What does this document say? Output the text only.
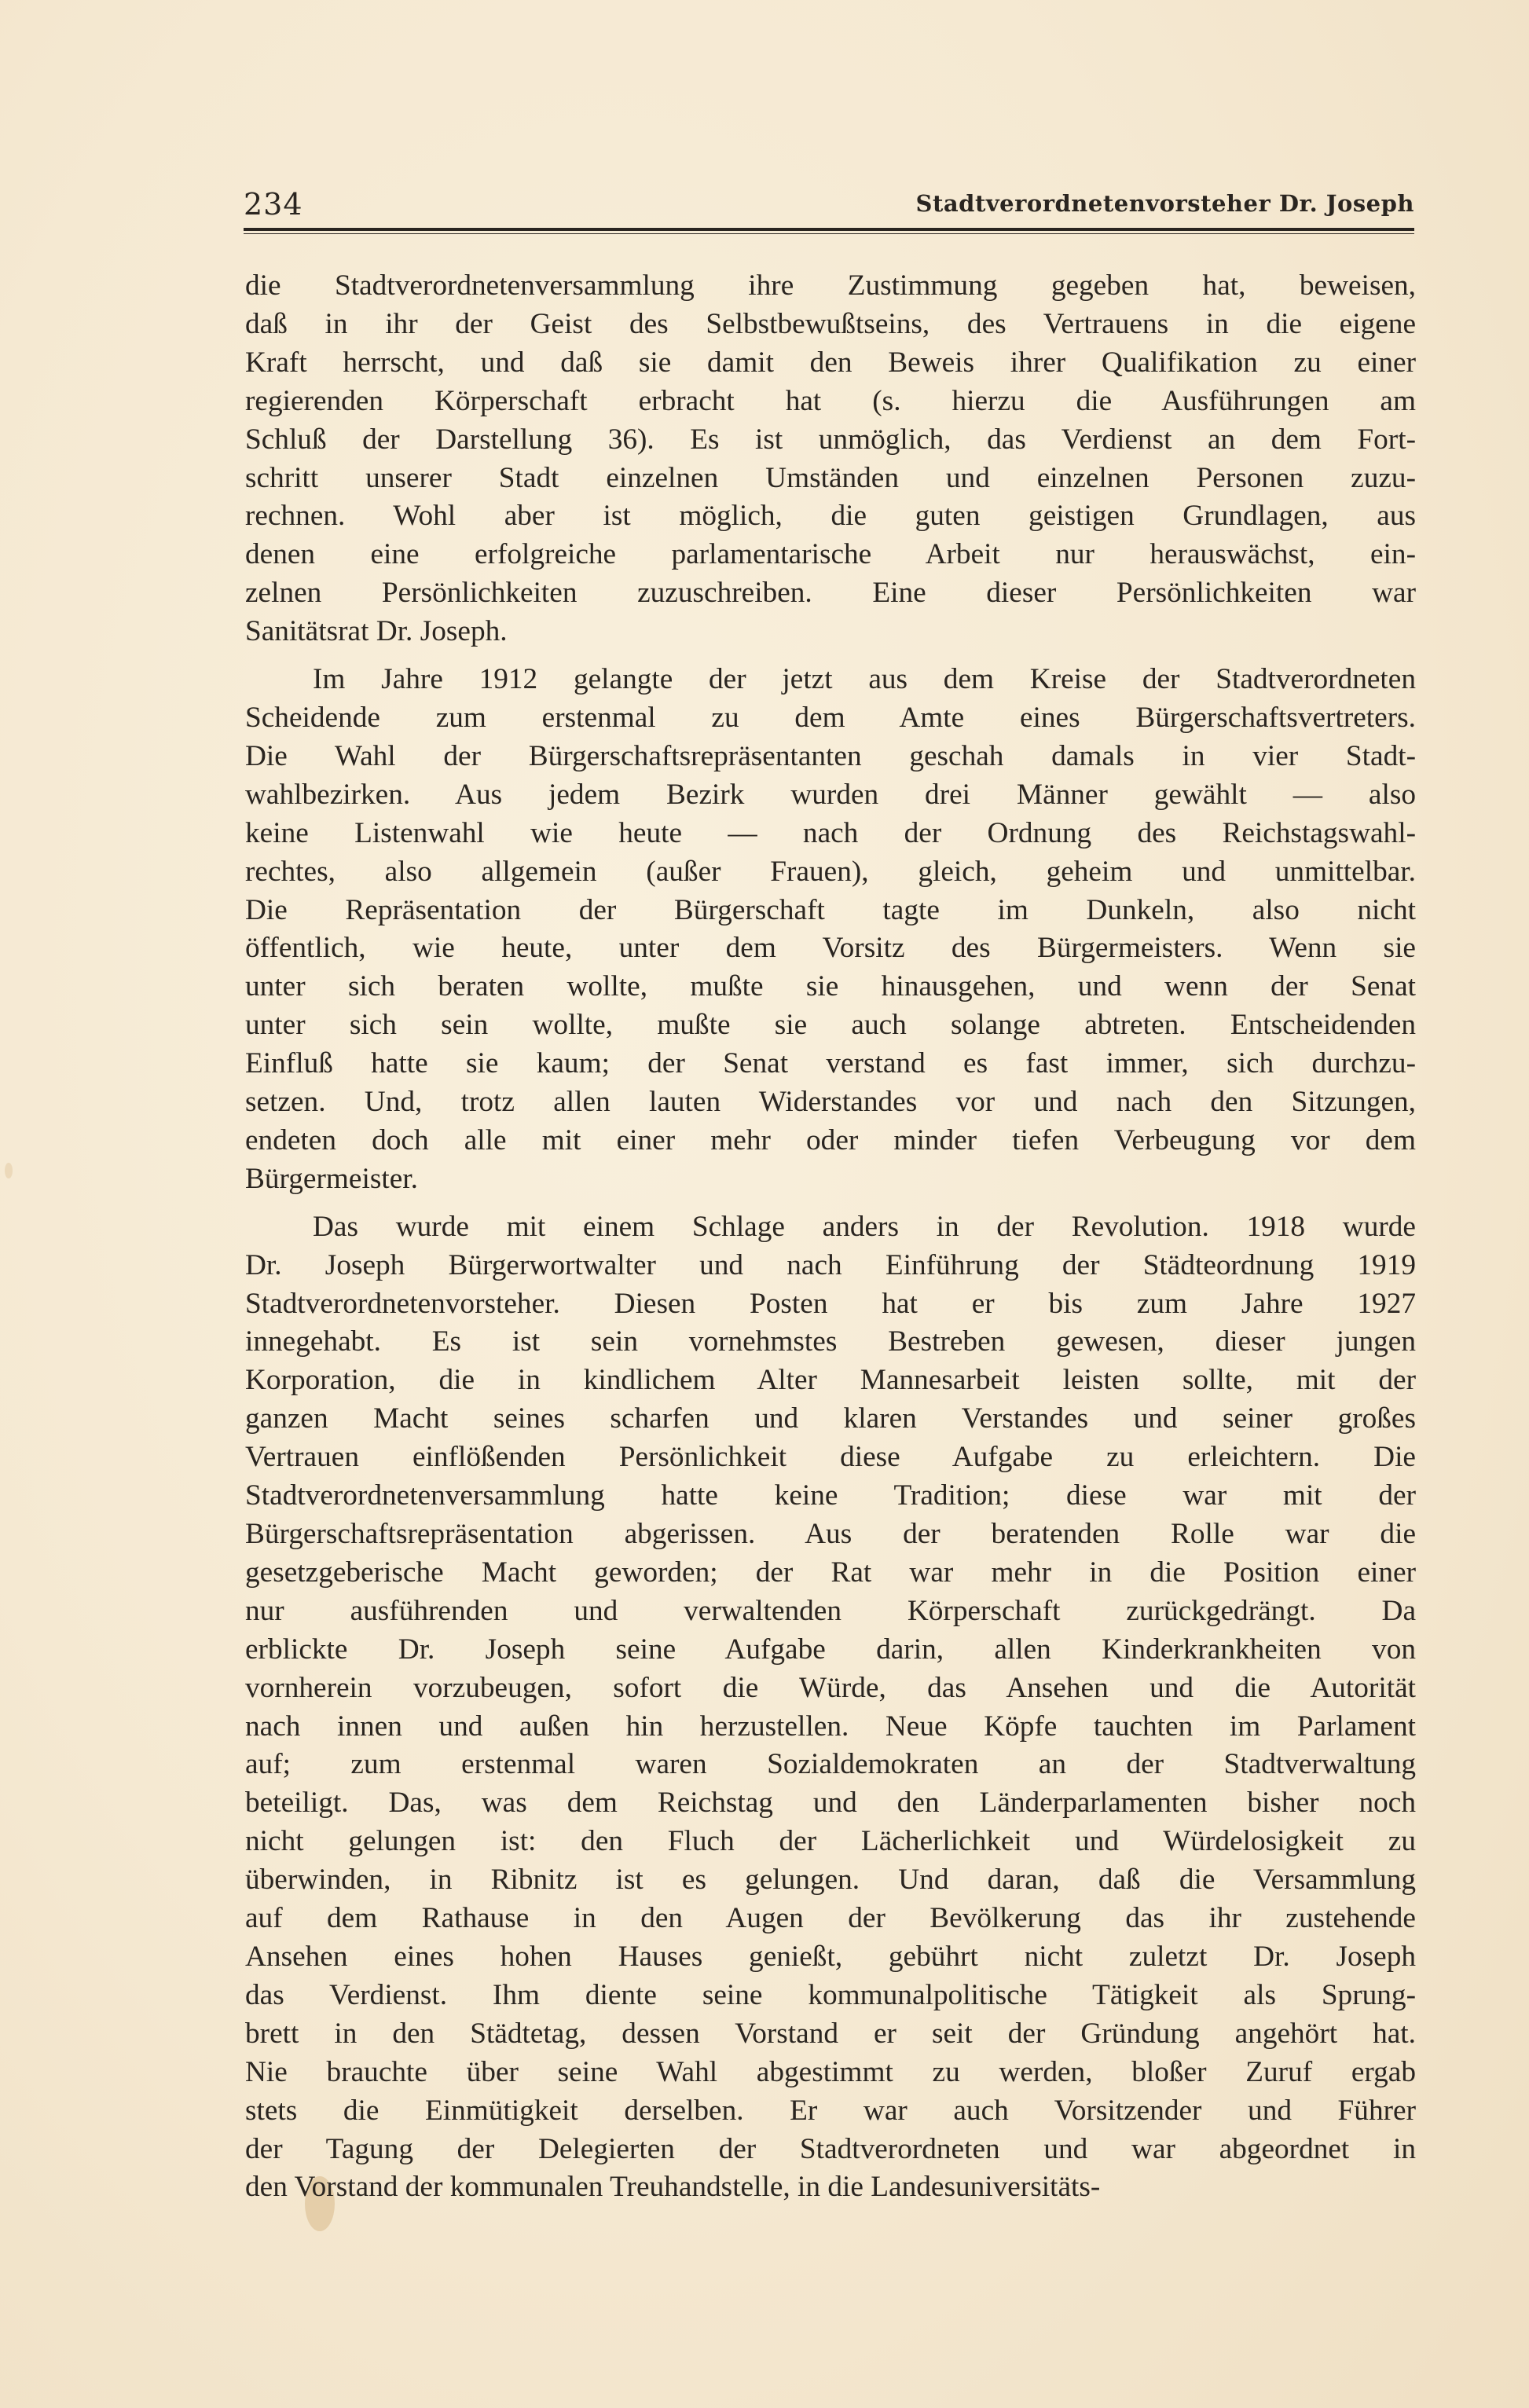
234	Stadtverordnetenvorsteher Dr. Joseph
die Stadtverordnetenversammlung ihre Zustimmung gegeben hat, beweisen,
daß in ihr der Geist des Selbstbewußtseins, des Vertrauens in die eigene
Kraft herrscht, und daß sie damit den Beweis ihrer Qualifikation zu einer
regierenden Körperschaft erbracht hat (s. hierzu die Ausführungen am
Schluß der Darstellung 36). Es ist unmöglich, das Verdienst an dem Fort-
schritt unserer Stadt einzelnen Umständen und einzelnen Personen zuzu-
rechnen. Wohl aber ist möglich, die guten geistigen Grundlagen, aus
denen eine erfolgreiche parlamentarische Arbeit nur herauswächst, ein-
zelnen Persönlichkeiten zuzuschreiben. Eine dieser Persönlichkeiten war
Sanitätsrat Dr. Joseph.
Im Jahre 1912 gelangte der jetzt aus dem Kreise der Stadtverordneten
Scheidende zum erstenmal zu dem Amte eines Bürgerschaftsvertreters.
Die Wahl der Bürgerschaftsrepräsentanten geschah damals in vier Stadt-
wahlbezirken. Aus jedem Bezirk wurden drei Männer gewählt — also
keine Listenwahl wie heute — nach der Ordnung des Reichstagswahl-
rechtes, also allgemein (außer Frauen), gleich, geheim und unmittelbar.
Die Repräsentation der Bürgerschaft tagte im Dunkeln, also nicht
öffentlich, wie heute, unter dem Vorsitz des Bürgermeisters. Wenn sie
unter sich beraten wollte, mußte sie hinausgehen, und wenn der Senat
unter sich sein wollte, mußte sie auch solange abtreten. Entscheidenden
Einfluß hatte sie kaum; der Senat verstand es fast immer, sich durchzu-
setzen. Und, trotz allen lauten Widerstandes vor und nach den Sitzungen,
endeten doch alle mit einer mehr oder minder tiefen Verbeugung vor dem
Bürgermeister.
Das wurde mit einem Schlage anders in der Revolution. 1918 wurde
Dr. Joseph Bürgerwortwalter und nach Einführung der Städteordnung 1919
Stadtverordnetenvorsteher. Diesen Posten hat er bis zum Jahre 1927
innegehabt. Es ist sein vornehmstes Bestreben gewesen, dieser jungen
Korporation, die in kindlichem Alter Mannesarbeit leisten sollte, mit der
ganzen Macht seines scharfen und klaren Verstandes und seiner großes
Vertrauen einflößenden Persönlichkeit diese Aufgabe zu erleichtern. Die
Stadtverordnetenversammlung hatte keine Tradition; diese war mit der
Bürgerschaftsrepräsentation abgerissen. Aus der beratenden Rolle war die
gesetzgeberische Macht geworden; der Rat war mehr in die Position einer
nur ausführenden und verwaltenden Körperschaft zurückgedrängt. Da
erblickte Dr. Joseph seine Aufgabe darin, allen Kinderkrankheiten von
vornherein vorzubeugen, sofort die Würde, das Ansehen und die Autorität
nach innen und außen hin herzustellen. Neue Köpfe tauchten im Parlament
auf; zum erstenmal waren Sozialdemokraten an der Stadtverwaltung
beteiligt. Das, was dem Reichstag und den Länderparlamenten bisher noch
nicht gelungen ist: den Fluch der Lächerlichkeit und Würdelosigkeit zu
überwinden, in Ribnitz ist es gelungen. Und daran, daß die Versammlung
auf dem Rathause in den Augen der Bevölkerung das ihr zustehende
Ansehen eines hohen Hauses genießt, gebührt nicht zuletzt Dr. Joseph
das Verdienst. Ihm diente seine kommunalpolitische Tätigkeit als Sprung-
brett in den Städtetag, dessen Vorstand er seit der Gründung angehört hat.
Nie brauchte über seine Wahl abgestimmt zu werden, bloßer Zuruf ergab
stets die Einmütigkeit derselben. Er war auch Vorsitzender und Führer
der Tagung der Delegierten der Stadtverordneten und war abgeordnet in
den Vorstand der kommunalen Treuhandstelle, in die Landesuniversitäts-
